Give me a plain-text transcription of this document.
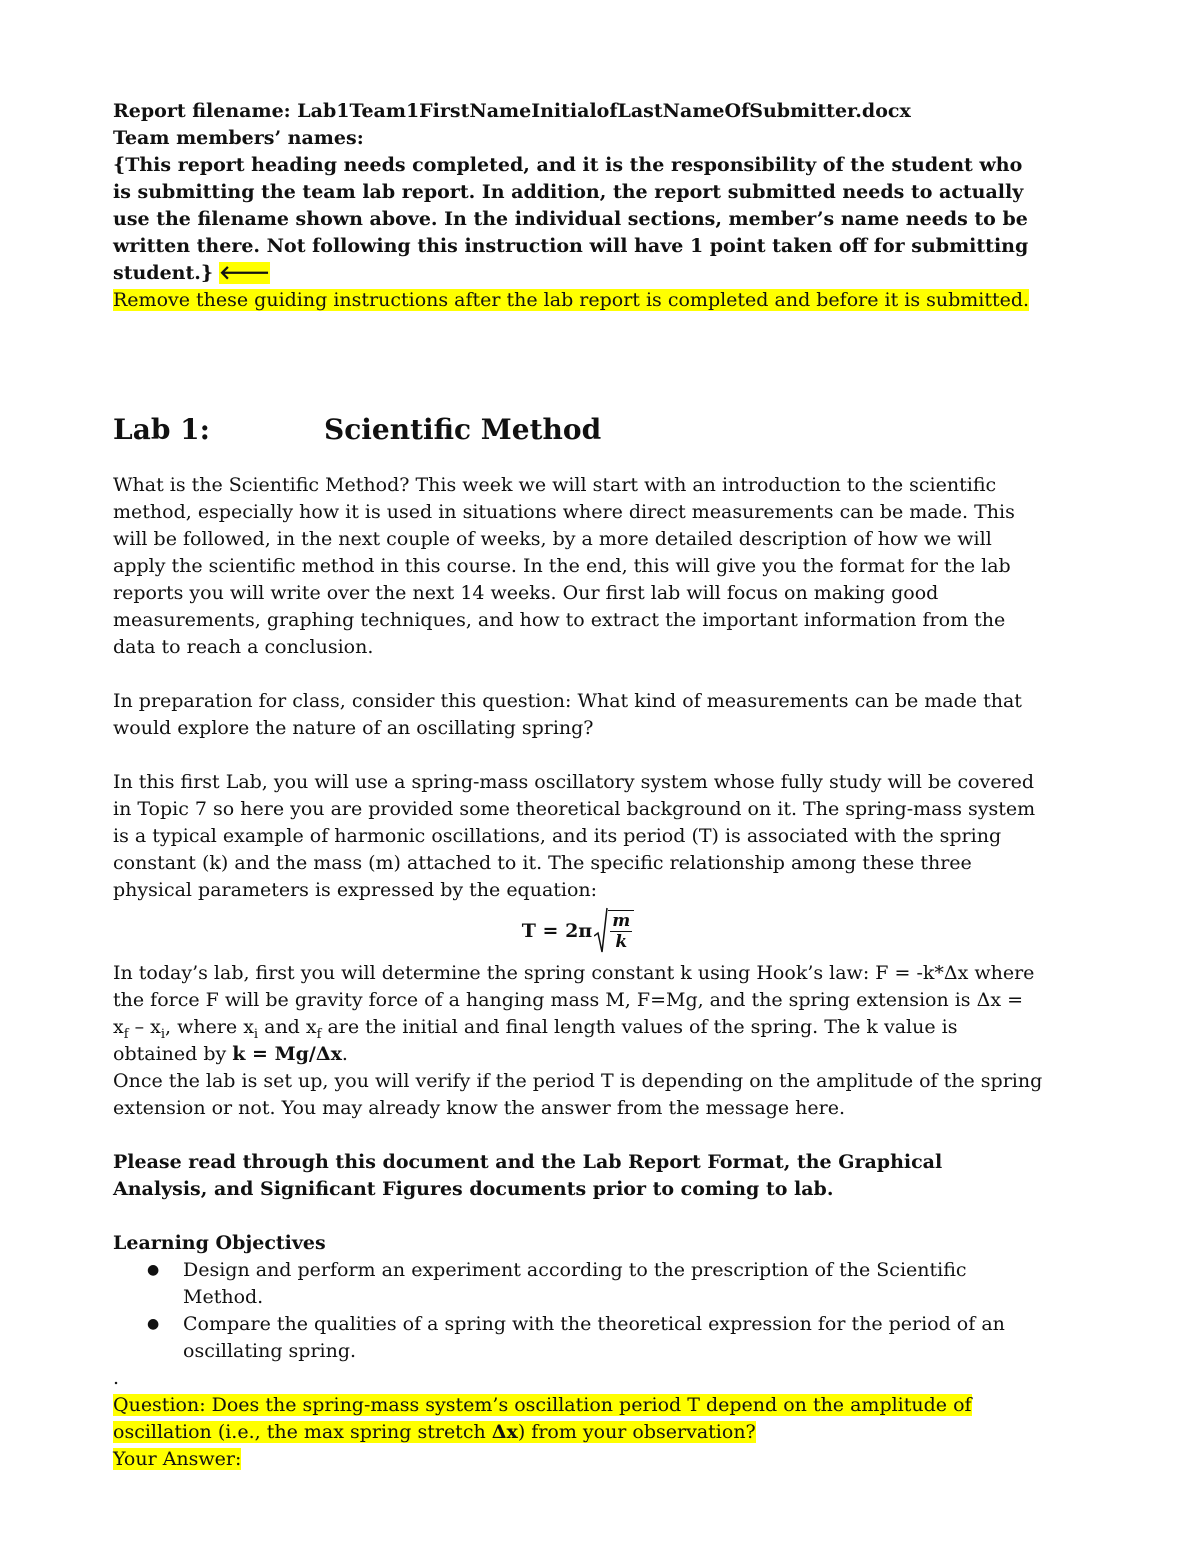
Report filename: Lab1Team1FirstNameInitialofLastNameOfSubmitter.docx

Team members’ names:

{This report heading needs completed, and it is the responsibility of the student who is submitting the team lab report. In addition, the report submitted needs to actually use the filename shown above. In the individual sections, member’s name needs to be written there. Not following this instruction will have 1 point taken off for submitting student.} 🡐
Remove these guiding instructions after the lab report is completed and before it is submitted.

Lab 1:	Scientific Method

What is the Scientific Method? This week we will start with an introduction to the scientific method, especially how it is used in situations where direct measurements can be made. This will be followed, in the next couple of weeks, by a more detailed description of how we will apply the scientific method in this course. In the end, this will give you the format for the lab reports you will write over the next 14 weeks. Our first lab will focus on making good measurements, graphing techniques, and how to extract the important information from the data to reach a conclusion.

In preparation for class, consider this question: What kind of measurements can be made that would explore the nature of an oscillating spring?

In this first Lab, you will use a spring-mass oscillatory system whose fully study will be covered in Topic 7 so here you are provided some theoretical background on it. The spring-mass system is a typical example of harmonic oscillations, and its period (T) is associated with the spring constant (k) and the mass (m) attached to it. The specific relationship among these three physical parameters is expressed by the equation:

$T = 2\pi \frac{m}{k}$

In today’s lab, first you will determine the spring constant k using Hook’s law: F = -k*Δx where the force F will be gravity force of a hanging mass M, F=Mg, and the spring extension is $\Delta x = x_f - x_i$, where $x_i$ and $x_f$ are the initial and final length values of the spring. The k value is obtained by k = Mg/Δx.

Once the lab is set up, you will verify if the period T is depending on the amplitude of the spring extension or not. You may already know the answer from the message here.

Please read through this document and the Lab Report Format, the Graphical Analysis, and Significant Figures documents prior to coming to lab.

Learning Objectives

● Design and perform an experiment according to the prescription of the Scientific Method.
● Compare the qualities of a spring with the theoretical expression for the period of an oscillating spring.

.

Question: Does the spring-mass system’s oscillation period T depend on the amplitude of oscillation (i.e., the max spring stretch Δx) from your observation?
Your Answer:
